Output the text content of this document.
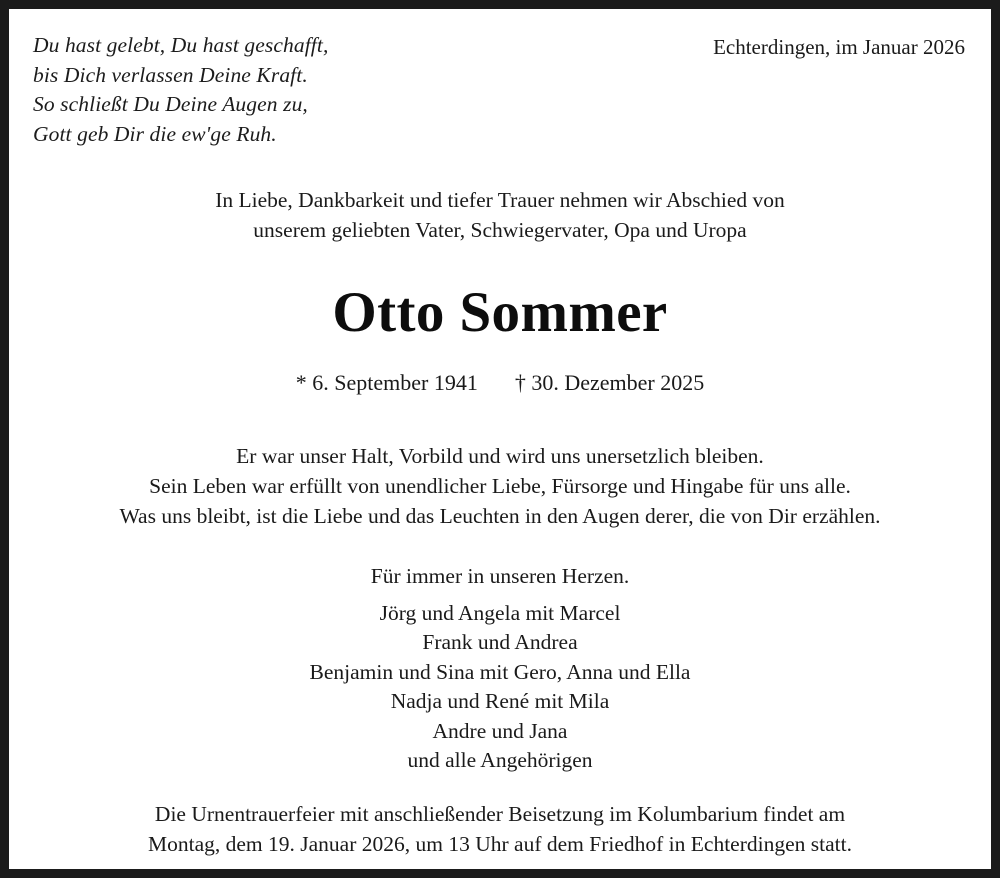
Du hast gelebt, Du hast geschafft,
bis Dich verlassen Deine Kraft.
So schließt Du Deine Augen zu,
Gott geb Dir die ew'ge Ruh.
Echterdingen, im Januar 2026
In Liebe, Dankbarkeit und tiefer Trauer nehmen wir Abschied von
unserem geliebten Vater, Schwiegervater, Opa und Uropa
Otto Sommer
* 6. September 1941 † 30. Dezember 2025
Er war unser Halt, Vorbild und wird uns unersetzlich bleiben.
Sein Leben war erfüllt von unendlicher Liebe, Fürsorge und Hingabe für uns alle.
Was uns bleibt, ist die Liebe und das Leuchten in den Augen derer, die von Dir erzählen.
Für immer in unseren Herzen.
Jörg und Angela mit Marcel
Frank und Andrea
Benjamin und Sina mit Gero, Anna und Ella
Nadja und René mit Mila
Andre und Jana
und alle Angehörigen
Die Urnentrauerfeier mit anschließender Beisetzung im Kolumbarium findet am
Montag, dem 19. Januar 2026, um 13 Uhr auf dem Friedhof in Echterdingen statt.
